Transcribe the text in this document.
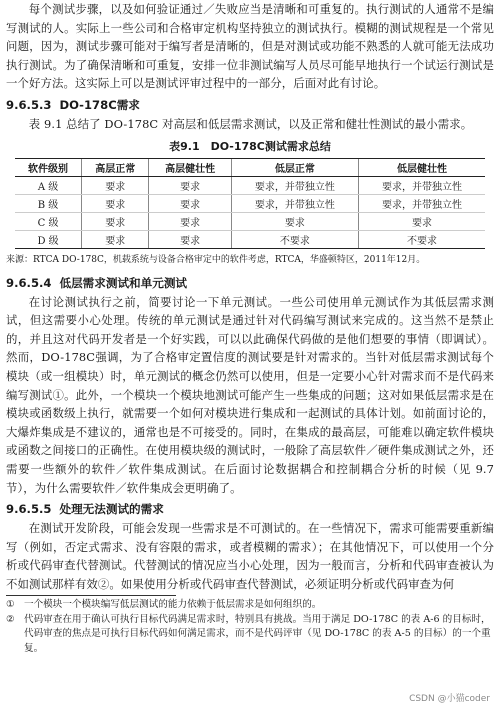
每个测试步骤，以及如何验证通过／失败应当是清晰和可重复的。执行测试的人通常不是编写测试的人。实际上一些公司和合格审定机构坚持独立的测试执行。模糊的测试规程是一个常见问题，因为，测试步骤可能对于编写者是清晰的，但是对测试或功能不熟悉的人就可能无法成功执行测试。为了确保清晰和可重复，安排一位非测试编写人员尽可能早地执行一个试运行测试是一个好方法。这实际上可以是测试评审过程中的一部分，后面对此有讨论。

9.6.5.3 DO-178C需求

表 9.1 总结了 DO-178C 对高层和低层需求测试，以及正常和健壮性测试的最小需求。

表9.1　DO-178C测试需求总结
软件级别	高层正常	高层健壮性	低层正常	低层健壮性
A 级	要求	要求	要求，并带独立性	要求，并带独立性
B 级	要求	要求	要求，并带独立性	要求，并带独立性
C 级	要求	要求	要求	要求
D 级	要求	要求	不要求	不要求

来源：RTCA DO-178C，机载系统与设备合格审定中的软件考虑，RTCA，华盛顿特区，2011年12月。

9.6.5.4 低层需求测试和单元测试

在讨论测试执行之前，简要讨论一下单元测试。一些公司使用单元测试作为其低层需求测试，但这需要小心处理。传统的单元测试是通过针对代码编写测试来完成的。这当然不是禁止的，并且这对代码开发者是一个好实践，可以以此确保代码做的是他们想要的事情（即调试）。然而，DO-178C强调，为了合格审定置信度的测试要是针对需求的。当针对低层需求测试每个模块（或一组模块）时，单元测试的概念仍然可以使用，但是一定要小心针对需求而不是代码来编写测试①。此外，一个模块一个模块地测试可能产生一些集成的问题；这对如果低层需求是在模块或函数级上执行，就需要一个如何对模块进行集成和一起测试的具体计划。如前面讨论的，大爆炸集成是不建议的，通常也是不可接受的。同时，在集成的最高层，可能难以确定软件模块或函数之间接口的正确性。在使用模块级的测试时，一般除了高层软件／硬件集成测试之外，还需要一些额外的软件／软件集成测试。在后面讨论数据耦合和控制耦合分析的时候（见 9.7 节），为什么需要软件／软件集成会更明确了。

9.6.5.5 处理无法测试的需求

在测试开发阶段，可能会发现一些需求是不可测试的。在一些情况下，需求可能需要重新编写（例如，否定式需求、没有容限的需求，或者模糊的需求）；在其他情况下，可以使用一个分析或代码审查代替测试。代替测试的情况应当小心处理，因为一般而言，分析和代码审查被认为不如测试那样有效②。如果使用分析或代码审查代替测试，必须证明分析或代码审查为何

① 一个模块一个模块编写低层测试的能力依赖于低层需求是如何组织的。

② 代码审查在用于确认可执行目标代码满足需求时，特别具有挑战。当用于满足 DO-178C 的表 A-6 的目标时，代码审查的焦点是可执行目标代码如何满足需求，而不是代码评审（见 DO-178C 的表 A-5 的目标）的一个重复。

CSDN @小猫coder
